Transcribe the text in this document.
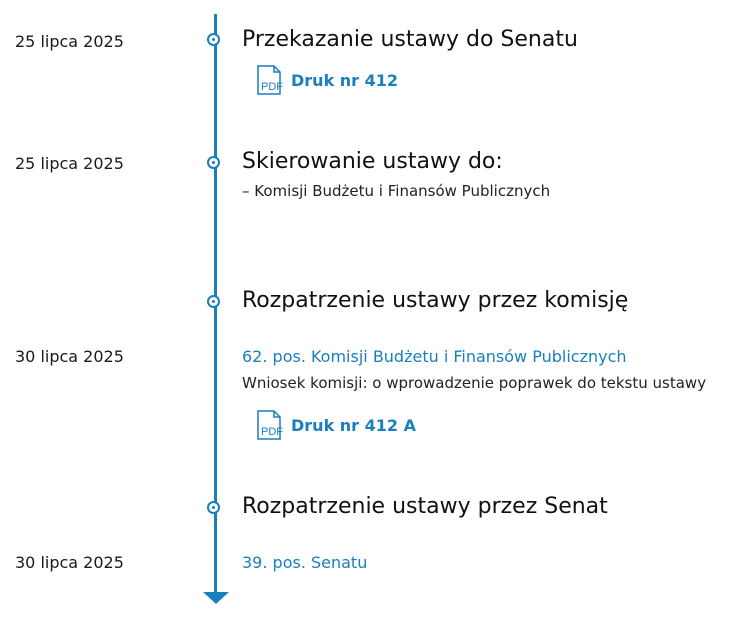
25 lipca 2025	Przekazanie ustawy do Senatu
PDF Druk nr 412
25 lipca 2025	Skierowanie ustawy do:
– Komisji Budżetu i Finansów Publicznych
Rozpatrzenie ustawy przez komisję
30 lipca 2025	62. pos. Komisji Budżetu i Finansów Publicznych
Wniosek komisji: o wprowadzenie poprawek do tekstu ustawy
PDF Druk nr 412 A
Rozpatrzenie ustawy przez Senat
30 lipca 2025	39. pos. Senatu
